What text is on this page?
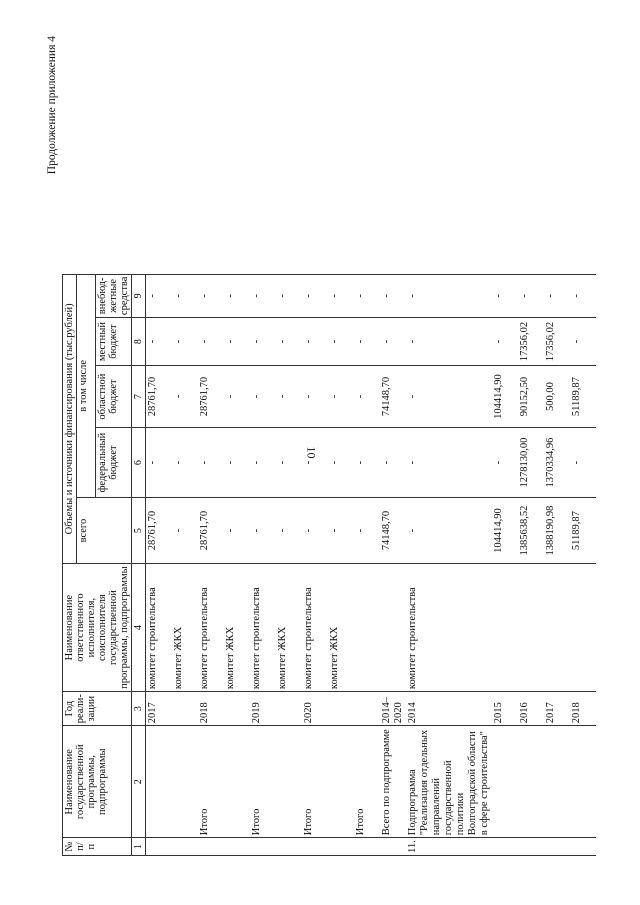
10
Продолжение приложения 4
№ п/п	Наименование государственной программы, подпрограммы	Год реали-зации	Наименование ответственного исполнителя, соисполнителя государственной программы, подпрограммы	Объемы и источники финансирования (тыс.рублей)				
				всего	в том числе			
					федеральный бюджет	областной бюджет	местный бюджет	внебюд-жетные средства
1	2	3	4	5	6	7	8	9
		2017	комитет строительства	28761,70	-	28761,70	-	-
			комитет ЖКХ	-	-	-	-	-
	Итого	2018	комитет строительства	28761,70	-	28761,70	-	-
			комитет ЖКХ	-	-	-	-	-
	Итого	2019	комитет строительства	-	-	-	-	-
			комитет ЖКХ	-	-	-	-	-
	Итого	2020	комитет строительства	-	-	-	-	-
			комитет ЖКХ	-	-	-	-	-
	Итого			-	-	-	-	-
	Всего по подпрограмме	2014–2020		74148,70	-	74148,70	-	-
11.	Подпрограмма "Реализация отдельных направлений государственной политики Волгоградской области в сфере строительства"	2014	комитет строительства	-	-	-	-	-
		2015		104414,90	-	104414,90	-	-
		2016		1385638,52	1278130,00	90152,50	17356,02	-
		2017		1388190,98	1370334,96	500,00	17356,02	-
		2018		51189,87	-	51189,87	-	-
